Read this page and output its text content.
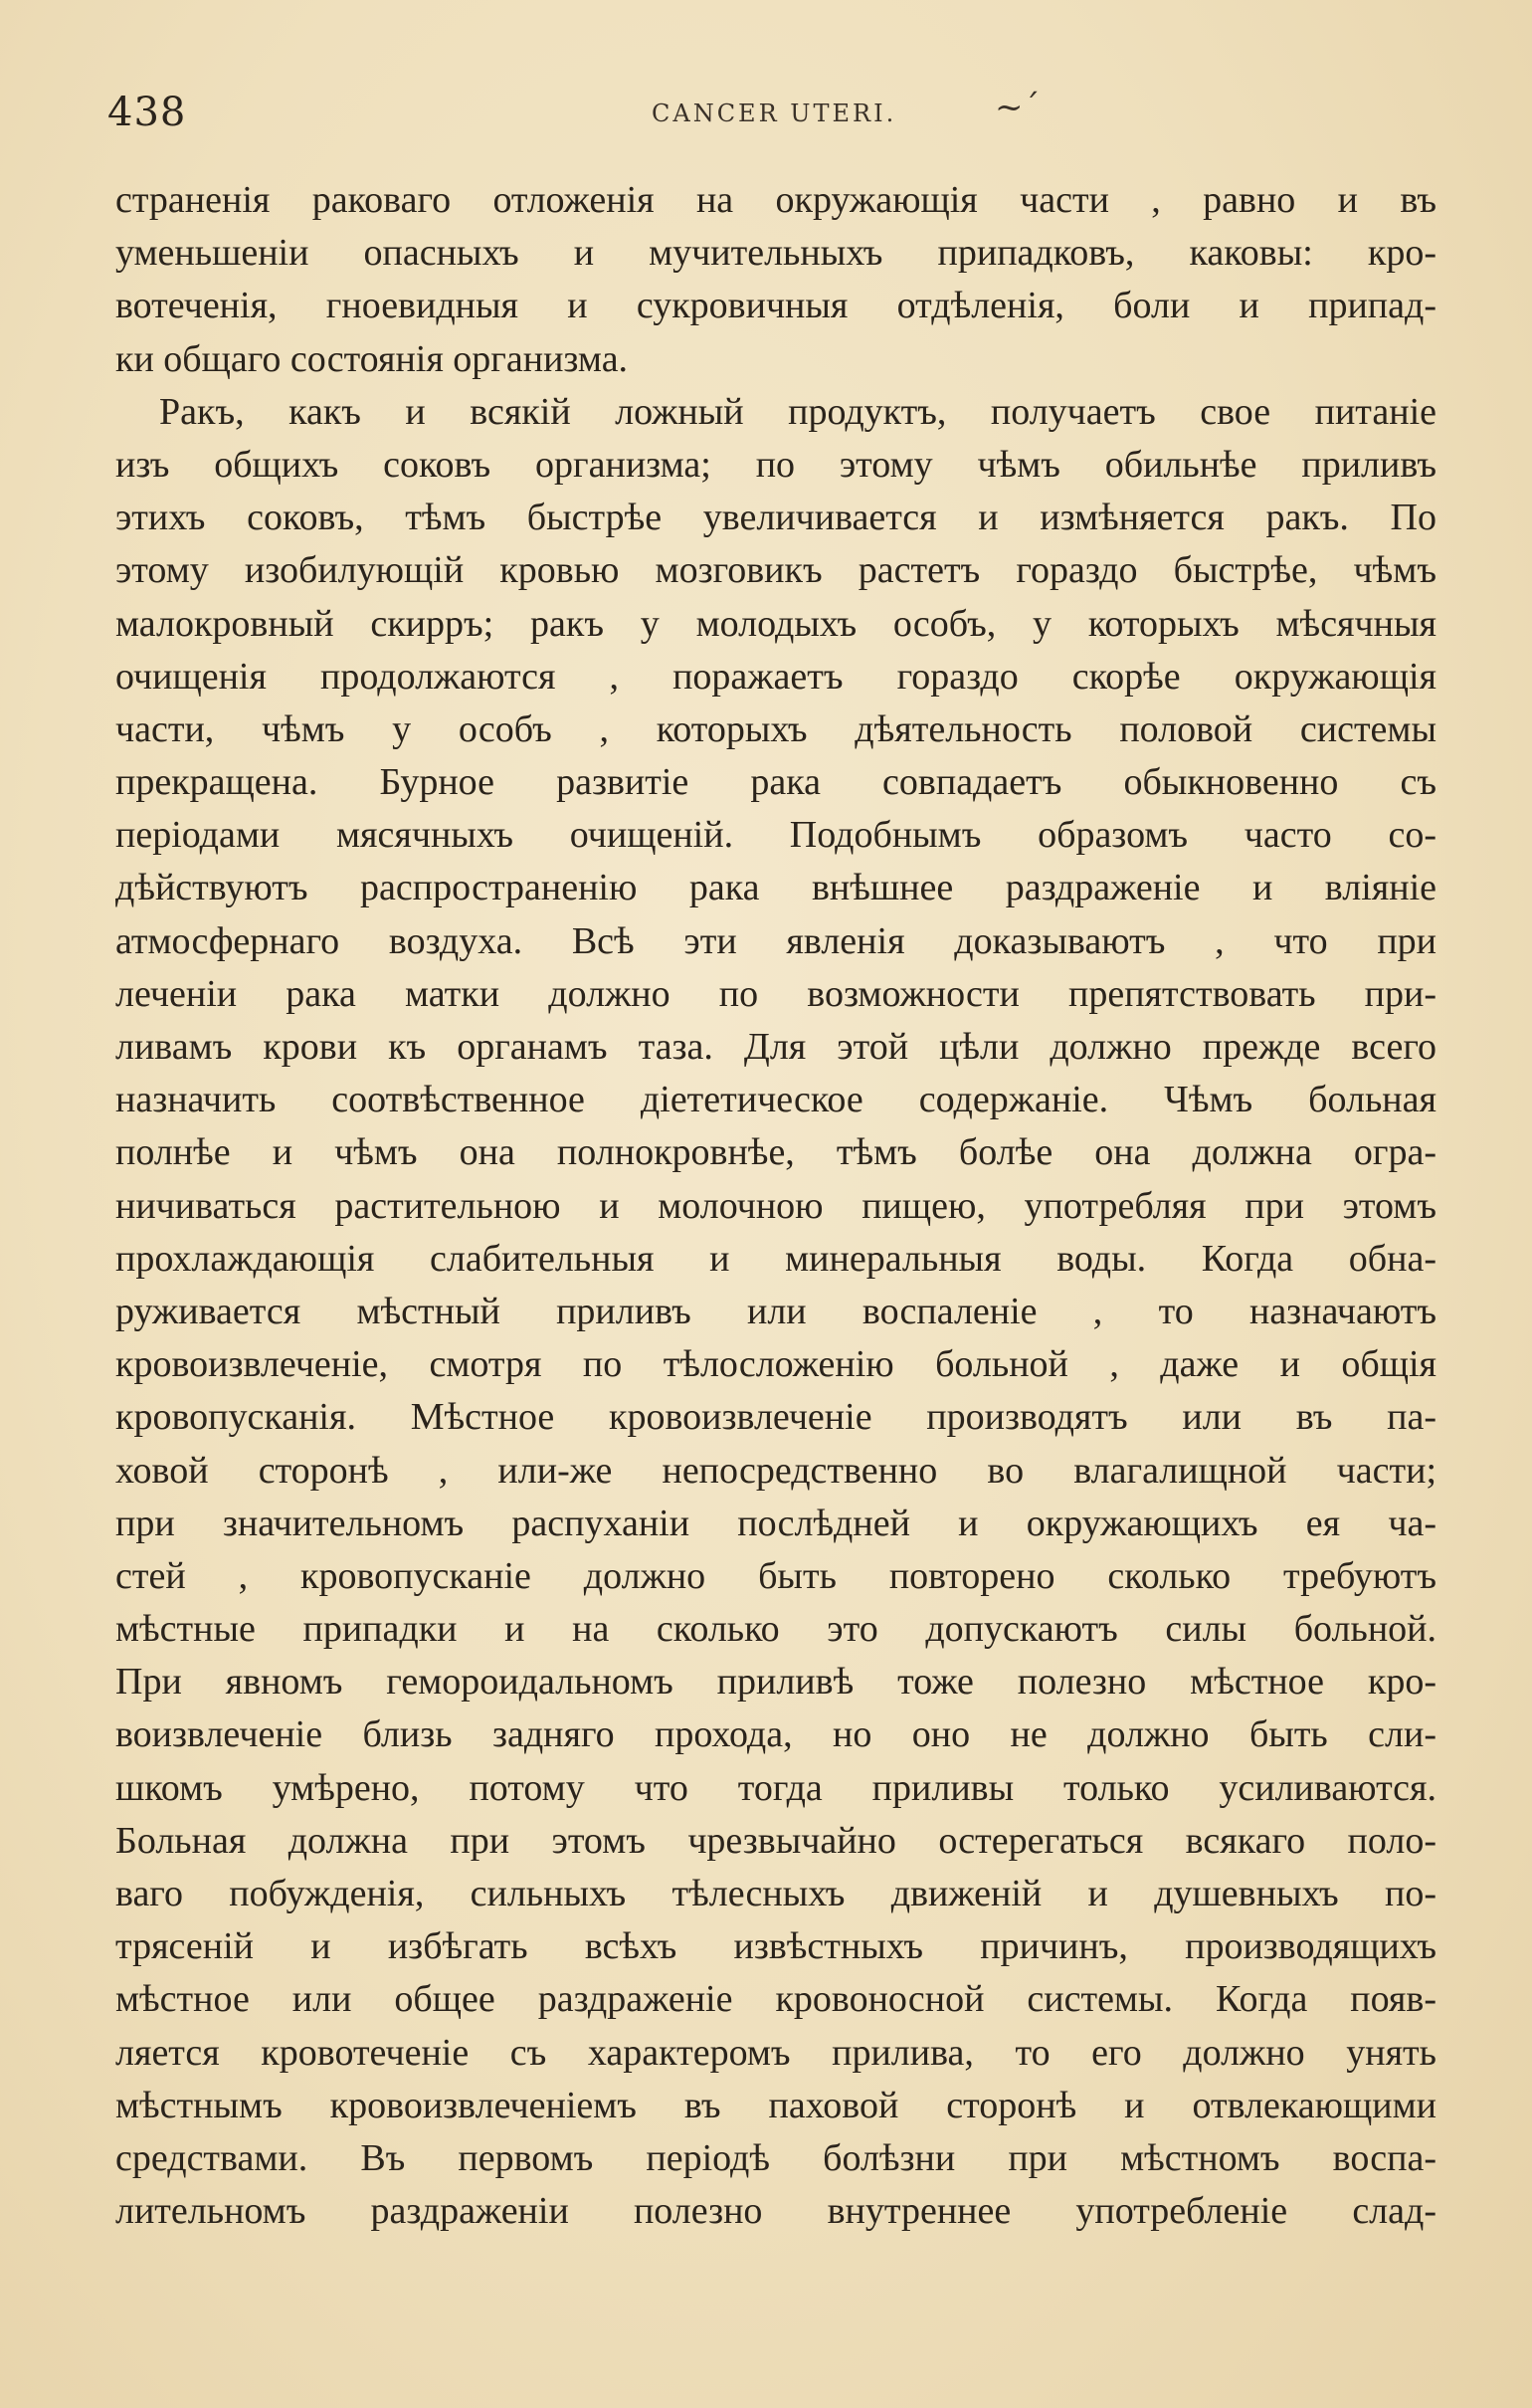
438	CANCER UTERI.	~´
страненія раковаго отложенія на окружающія части , равно и въ
уменьшеніи опасныхъ и мучительныхъ припадковъ, каковы: кро-
вотеченія, гноевидныя и сукровичныя отдѣленія, боли и припад-
ки общаго состоянія организма.
Ракъ, какъ и всякій ложный продуктъ, получаетъ свое питаніе
изъ общихъ соковъ организма; по этому чѣмъ обильнѣе приливъ
этихъ соковъ, тѣмъ быстрѣе увеличивается и измѣняется ракъ. По
этому изобилующій кровью мозговикъ растетъ гораздо быстрѣе, чѣмъ
малокровный скирръ; ракъ у молодыхъ особъ, у которыхъ мѣсячныя
очищенія продолжаются , поражаетъ гораздо скорѣе окружающія
части, чѣмъ у особъ , которыхъ дѣятельность половой системы
прекращена. Бурное развитіе рака совпадаетъ обыкновенно съ
періодами мясячныхъ очищеній. Подобнымъ образомъ часто со-
дѣйствуютъ распространенію рака внѣшнее раздраженіе и вліяніе
атмосфернаго воздуха. Всѣ эти явленія доказываютъ , что при
леченіи рака матки должно по возможности препятствовать при-
ливамъ крови къ органамъ таза. Для этой цѣли должно прежде всего
назначить соотвѣственное діететическое содержаніе. Чѣмъ больная
полнѣе и чѣмъ она полнокровнѣе, тѣмъ болѣе она должна огра-
ничиваться растительною и молочною пищею, употребляя при этомъ
прохлаждающія слабительныя и минеральныя воды. Когда обна-
руживается мѣстный приливъ или воспаленіе , то назначаютъ
кровоизвлеченіе, смотря по тѣлосложенію больной , даже и общія
кровопусканія. Мѣстное кровоизвлеченіе производятъ или въ па-
ховой сторонѣ , или-же непосредственно во влагалищной части;
при значительномъ распуханіи послѣдней и окружающихъ ея ча-
стей , кровопусканіе должно быть повторено сколько требуютъ
мѣстные припадки и на сколько это допускаютъ силы больной.
При явномъ гемороидальномъ приливѣ тоже полезно мѣстное кро-
воизвлеченіе близь задняго прохода, но оно не должно быть сли-
шкомъ умѣрено, потому что тогда приливы только усиливаются.
Больная должна при этомъ чрезвычайно остерегаться всякаго поло-
ваго побужденія, сильныхъ тѣлесныхъ движеній и душевныхъ по-
трясеній и избѣгать всѣхъ извѣстныхъ причинъ, производящихъ
мѣстное или общее раздраженіе кровоносной системы. Когда появ-
ляется кровотеченіе съ характеромъ прилива, то его должно унять
мѣстнымъ кровоизвлеченіемъ въ паховой сторонѣ и отвлекающими
средствами. Въ первомъ періодѣ болѣзни при мѣстномъ воспа-
лительномъ раздраженіи полезно внутреннее употребленіе слад-
